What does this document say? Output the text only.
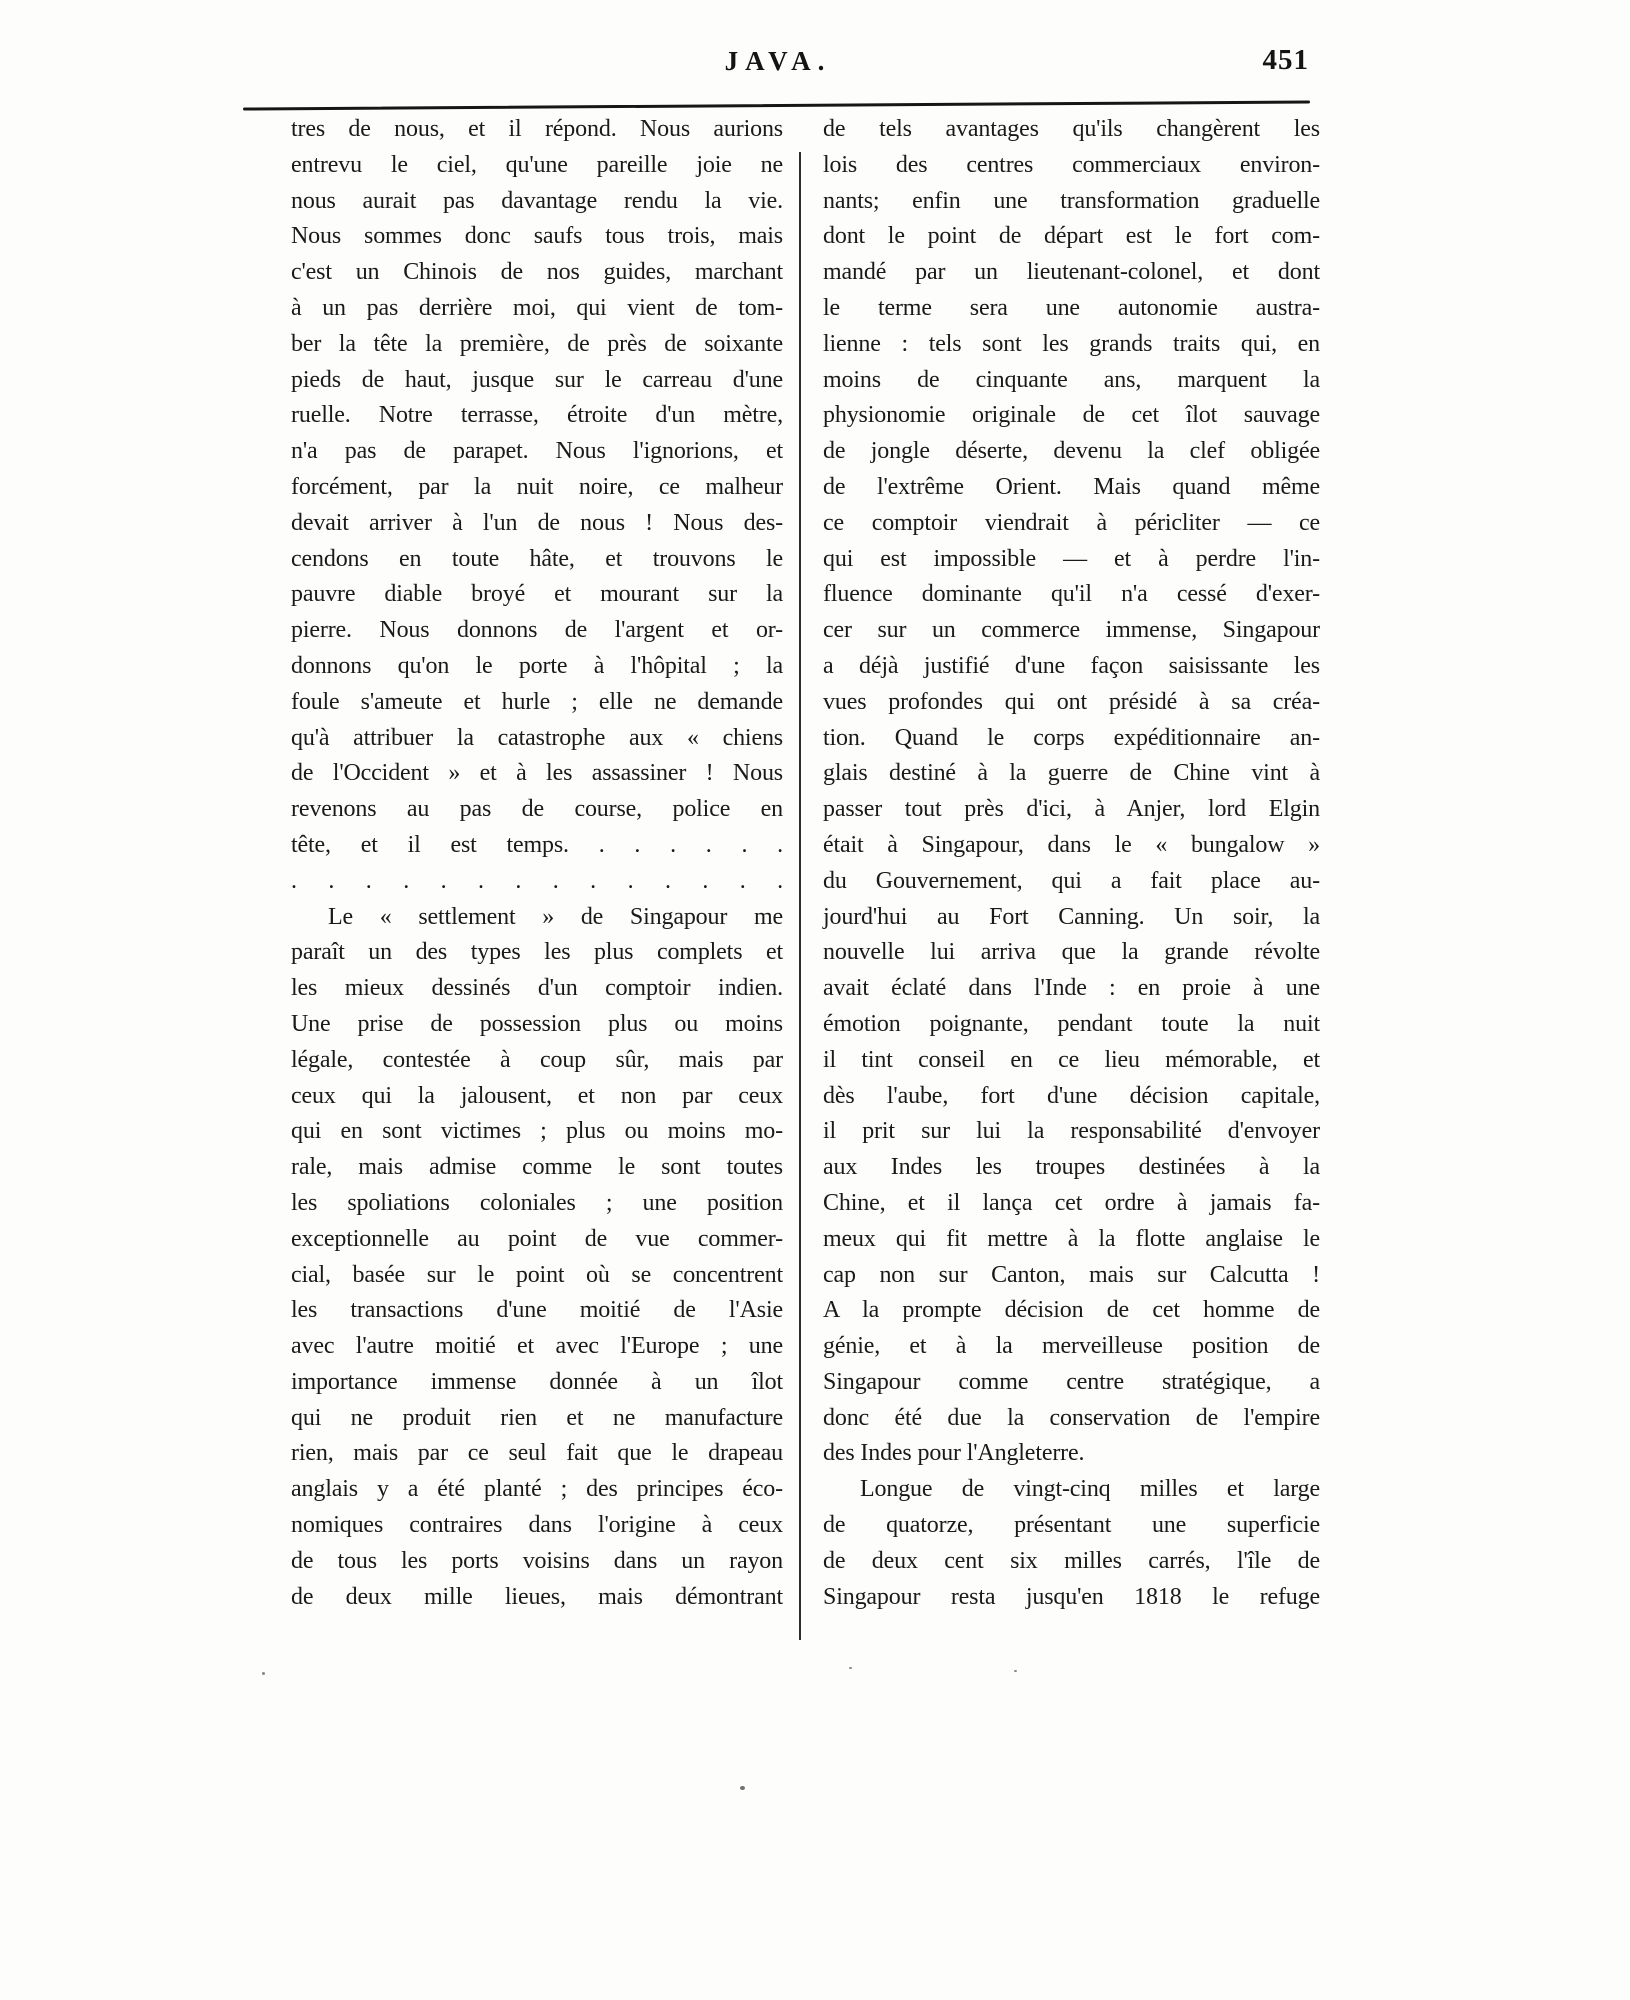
JAVA.	451
tres de nous, et il répond. Nous aurions
entrevu le ciel, qu'une pareille joie ne
nous aurait pas davantage rendu la vie.
Nous sommes donc saufs tous trois, mais
c'est un Chinois de nos guides, marchant
à un pas derrière moi, qui vient de tom-
ber la tête la première, de près de soixante
pieds de haut, jusque sur le carreau d'une
ruelle. Notre terrasse, étroite d'un mètre,
n'a pas de parapet. Nous l'ignorions, et
forcément, par la nuit noire, ce malheur
devait arriver à l'un de nous ! Nous des-
cendons en toute hâte, et trouvons le
pauvre diable broyé et mourant sur la
pierre. Nous donnons de l'argent et or-
donnons qu'on le porte à l'hôpital ; la
foule s'ameute et hurle ; elle ne demande
qu'à attribuer la catastrophe aux « chiens
de l'Occident » et à les assassiner ! Nous
revenons au pas de course, police en
tête, et il est temps. . . . . . .
. . . . . . . . . . . . . .
Le « settlement » de Singapour me
paraît un des types les plus complets et
les mieux dessinés d'un comptoir indien.
Une prise de possession plus ou moins
légale, contestée à coup sûr, mais par
ceux qui la jalousent, et non par ceux
qui en sont victimes ; plus ou moins mo-
rale, mais admise comme le sont toutes
les spoliations coloniales ; une position
exceptionnelle au point de vue commer-
cial, basée sur le point où se concentrent
les transactions d'une moitié de l'Asie
avec l'autre moitié et avec l'Europe ; une
importance immense donnée à un îlot
qui ne produit rien et ne manufacture
rien, mais par ce seul fait que le drapeau
anglais y a été planté ; des principes éco-
nomiques contraires dans l'origine à ceux
de tous les ports voisins dans un rayon
de deux mille lieues, mais démontrant
de tels avantages qu'ils changèrent les
lois des centres commerciaux environ-
nants; enfin une transformation graduelle
dont le point de départ est le fort com-
mandé par un lieutenant-colonel, et dont
le terme sera une autonomie austra-
lienne : tels sont les grands traits qui, en
moins de cinquante ans, marquent la
physionomie originale de cet îlot sauvage
de jongle déserte, devenu la clef obligée
de l'extrême Orient. Mais quand même
ce comptoir viendrait à péricliter — ce
qui est impossible — et à perdre l'in-
fluence dominante qu'il n'a cessé d'exer-
cer sur un commerce immense, Singapour
a déjà justifié d'une façon saisissante les
vues profondes qui ont présidé à sa créa-
tion. Quand le corps expéditionnaire an-
glais destiné à la guerre de Chine vint à
passer tout près d'ici, à Anjer, lord Elgin
était à Singapour, dans le « bungalow »
du Gouvernement, qui a fait place au-
jourd'hui au Fort Canning. Un soir, la
nouvelle lui arriva que la grande révolte
avait éclaté dans l'Inde : en proie à une
émotion poignante, pendant toute la nuit
il tint conseil en ce lieu mémorable, et
dès l'aube, fort d'une décision capitale,
il prit sur lui la responsabilité d'envoyer
aux Indes les troupes destinées à la
Chine, et il lança cet ordre à jamais fa-
meux qui fit mettre à la flotte anglaise le
cap non sur Canton, mais sur Calcutta !
A la prompte décision de cet homme de
génie, et à la merveilleuse position de
Singapour comme centre stratégique, a
donc été due la conservation de l'empire
des Indes pour l'Angleterre.
Longue de vingt-cinq milles et large
de quatorze, présentant une superficie
de deux cent six milles carrés, l'île de
Singapour resta jusqu'en 1818 le refuge
